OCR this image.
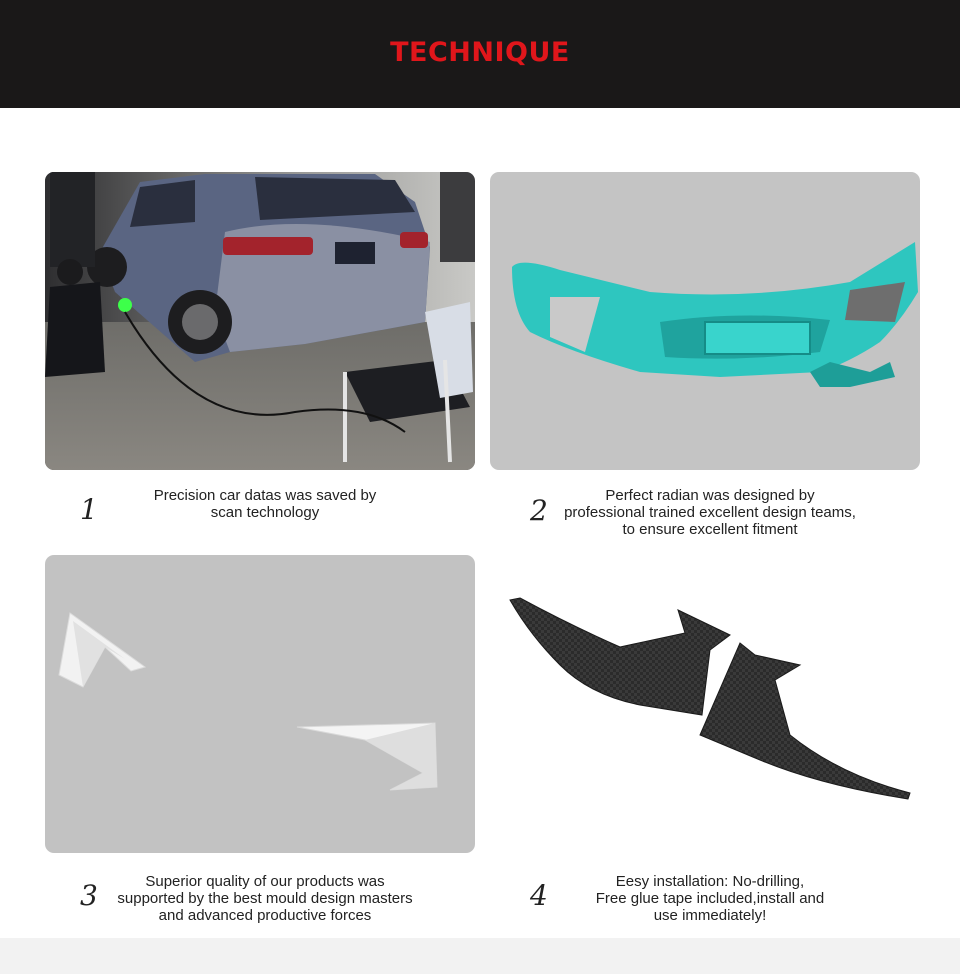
TECHNIQUE
1	Precision car datas was saved by
scan technology	2	Perfect radian was designed by
professional trained excellent design teams,
to ensure excellent fitment
3	Superior quality of our products was
supported by the best mould design masters
and advanced productive forces
4	Eesy installation: No-drilling,
Free glue tape included,install and
use immediately!
